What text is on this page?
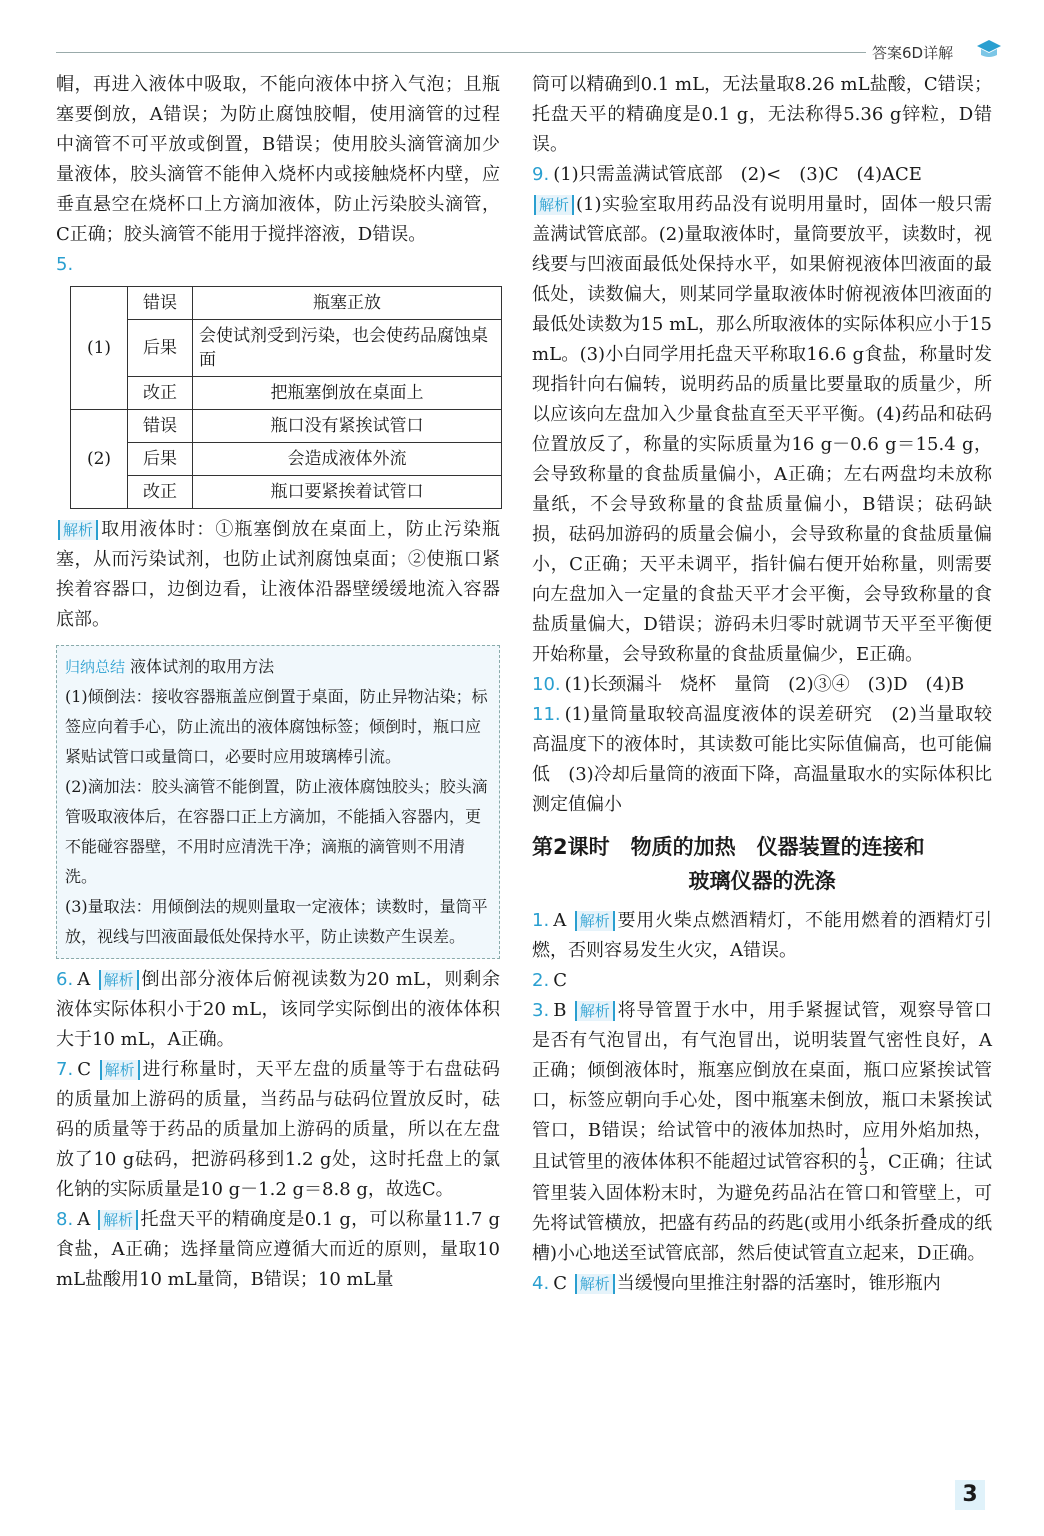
答案6D详解

帽，再进入液体中吸取，不能向液体中挤入气泡；且瓶塞要倒放，A错误；为防止腐蚀胶帽，使用滴管的过程中滴管不可平放或倒置，B错误；使用胶头滴管滴加少量液体，胶头滴管不能伸入烧杯内或接触烧杯内壁，应垂直悬空在烧杯口上方滴加液体，防止污染胶头滴管，C正确；胶头滴管不能用于搅拌溶液，D错误。

5.
(1)	错误	瓶塞正放
	后果	会使试剂受到污染，也会使药品腐蚀桌面
	改正	把瓶塞倒放在桌面上
(2)	错误	瓶口没有紧挨试管口
	后果	会造成液体外流
	改正	瓶口要紧挨着试管口

解析 取用液体时：①瓶塞倒放在桌面上，防止污染瓶塞，从而污染试剂，也防止试剂腐蚀桌面；②使瓶口紧挨着容器口，边倒边看，让液体沿器壁缓缓地流入容器底部。

归纳总结 液体试剂的取用方法
(1)倾倒法：接收容器瓶盖应倒置于桌面，防止异物沾染；标签应向着手心，防止流出的液体腐蚀标签；倾倒时，瓶口应紧贴试管口或量筒口，必要时应用玻璃棒引流。
(2)滴加法：胶头滴管不能倒置，防止液体腐蚀胶头；胶头滴管吸取液体后，在容器口正上方滴加，不能插入容器内，更不能碰容器壁，不用时应清洗干净；滴瓶的滴管则不用清洗。
(3)量取法：用倾倒法的规则量取一定液体；读数时，量筒平放，视线与凹液面最低处保持水平，防止读数产生误差。

6. A 解析 倒出部分液体后俯视读数为20 mL，则剩余液体实际体积小于20 mL，该同学实际倒出的液体体积大于10 mL，A正确。

7. C 解析 进行称量时，天平左盘的质量等于右盘砝码的质量加上游码的质量，当药品与砝码位置放反时，砝码的质量等于药品的质量加上游码的质量，所以在左盘放了10 g砝码，把游码移到1.2 g处，这时托盘上的氯化钠的实际质量是10 g－1.2 g＝8.8 g，故选C。

8. A 解析 托盘天平的精确度是0.1 g，可以称量11.7 g食盐，A正确；选择量筒应遵循大而近的原则，量取10 mL盐酸用10 mL量筒，B错误；10 mL量

筒可以精确到0.1 mL，无法量取8.26 mL盐酸，C错误；托盘天平的精确度是0.1 g，无法称得5.36 g锌粒，D错误。

9. (1)只需盖满试管底部　(2)<　(3)C　(4)ACE
解析 (1)实验室取用药品没有说明用量时，固体一般只需盖满试管底部。(2)量取液体时，量筒要放平，读数时，视线要与凹液面最低处保持水平，如果俯视液体凹液面的最低处，读数偏大，则某同学量取液体时俯视液体凹液面的最低处读数为15 mL，那么所取液体的实际体积应小于15 mL。(3)小白同学用托盘天平称取16.6 g食盐，称量时发现指针向右偏转，说明药品的质量比要量取的质量少，所以应该向左盘加入少量食盐直至天平平衡。(4)药品和砝码位置放反了，称量的实际质量为16 g－0.6 g＝15.4 g，会导致称量的食盐质量偏小，A正确；左右两盘均未放称量纸，不会导致称量的食盐质量偏小，B错误；砝码缺损，砝码加游码的质量会偏小，会导致称量的食盐质量偏小，C正确；天平未调平，指针偏右便开始称量，则需要向左盘加入一定量的食盐天平才会平衡，会导致称量的食盐质量偏大，D错误；游码未归零时就调节天平至平衡便开始称量，会导致称量的食盐质量偏少，E正确。

10. (1)长颈漏斗　烧杯　量筒　(2)③④　(3)D　(4)B

11. (1)量筒量取较高温度液体的误差研究　(2)当量取较高温度下的液体时，其读数可能比实际值偏高，也可能偏低　(3)冷却后量筒的液面下降，高温量取水的实际体积比测定值偏小

第2课时　物质的加热　仪器装置的连接和
玻璃仪器的洗涤

1. A 解析 要用火柴点燃酒精灯，不能用燃着的酒精灯引燃，否则容易发生火灾，A错误。

2. C

3. B 解析 将导管置于水中，用手紧握试管，观察导管口是否有气泡冒出，有气泡冒出，说明装置气密性良好，A正确；倾倒液体时，瓶塞应倒放在桌面，瓶口应紧挨试管口，标签应朝向手心处，图中瓶塞未倒放，瓶口未紧挨试管口，B错误；给试管中的液体加热时，应用外焰加热，且试管里的液体体积不能超过试管容积的 $\frac{1}{3}$ ，C正确；往试管里装入固体粉末时，为避免药品沾在管口和管壁上，可先将试管横放，把盛有药品的药匙(或用小纸条折叠成的纸槽)小心地送至试管底部，然后使试管直立起来，D正确。

4. C 解析 当缓慢向里推注射器的活塞时，锥形瓶内

3
